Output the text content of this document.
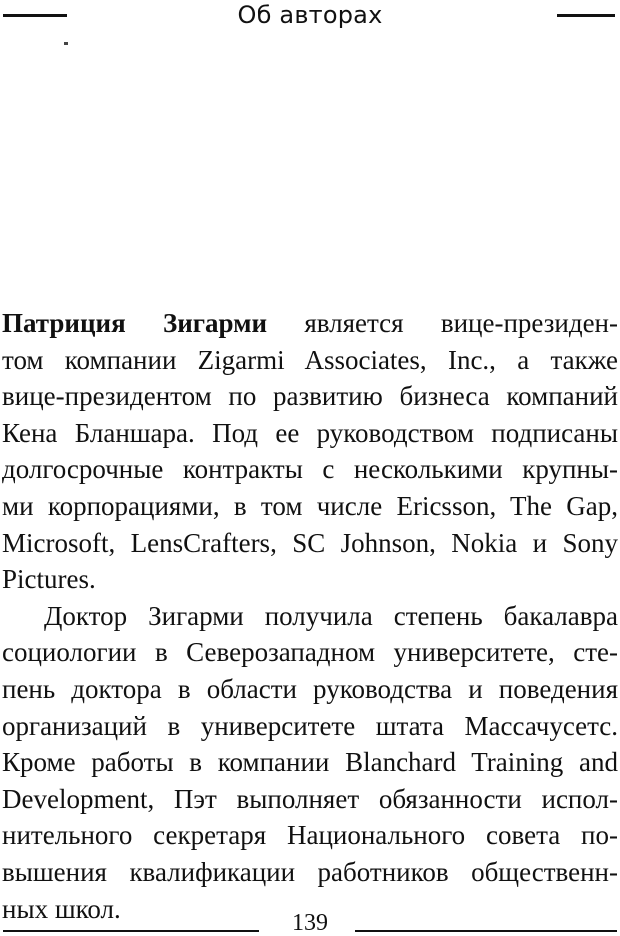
Об авторах

Патриция Зигарми является вице-президен-
том компании Zigarmi Associates, Inc., а также
вице-президентом по развитию бизнеса компаний
Кена Бланшара. Под ее руководством подписаны
долгосрочные контракты с несколькими крупны-
ми корпорациями, в том числе Ericsson, The Gap,
Microsoft, LensCrafters, SC Johnson, Nokia и Sony
Pictures.

Доктор Зигарми получила степень бакалавра
социологии в Северозападном университете, сте-
пень доктора в области руководства и поведения
организаций в университете штата Массачусетс.
Кроме работы в компании Blanchard Training and
Development, Пэт выполняет обязанности испол-
нительного секретаря Национального совета по-
вышения квалификации работников общественн-
ных школ.	139
